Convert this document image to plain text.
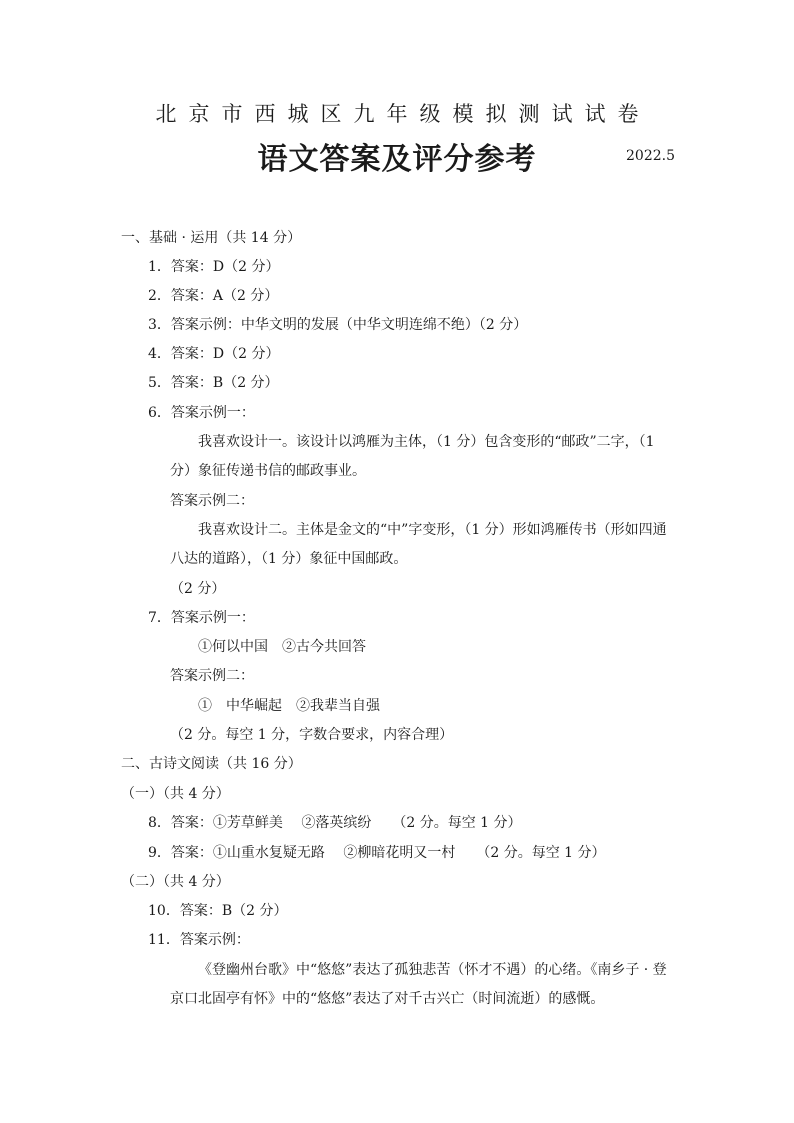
北京市西城区九年级模拟测试试卷
语文答案及评分参考	2022.5
一、基础 · 运用（共 14 分）
1．答案：D（2 分）
2．答案：A（2 分）
3．答案示例：中华文明的发展（中华文明连绵不绝）（2 分）
4．答案：D（2 分）
5．答案：B（2 分）
6．答案示例一：
我喜欢设计一。该设计以鸿雁为主体，（1 分）包含变形的“邮政”二字，（1
分）象征传递书信的邮政事业。
答案示例二：
我喜欢设计二。主体是金文的“中”字变形，（1 分）形如鸿雁传书（形如四通
八达的道路），（1 分）象征中国邮政。
（2 分）
7．答案示例一：
①何以中国　②古今共回答
答案示例二：
①　中华崛起　②我辈当自强
（2 分。每空 1 分，字数合要求，内容合理）
二、古诗文阅读（共 16 分）
（一）（共 4 分）
8．答案：①芳草鲜美　 ②落英缤纷　　（2 分。每空 1 分）
9．答案：①山重水复疑无路　 ②柳暗花明又一村　　（2 分。每空 1 分）
（二）（共 4 分）
10．答案：B（2 分）
11．答案示例：
《登幽州台歌》中“悠悠”表达了孤独悲苦（怀才不遇）的心绪。《南乡子 · 登
京口北固亭有怀》中的“悠悠”表达了对千古兴亡（时间流逝）的感慨。
